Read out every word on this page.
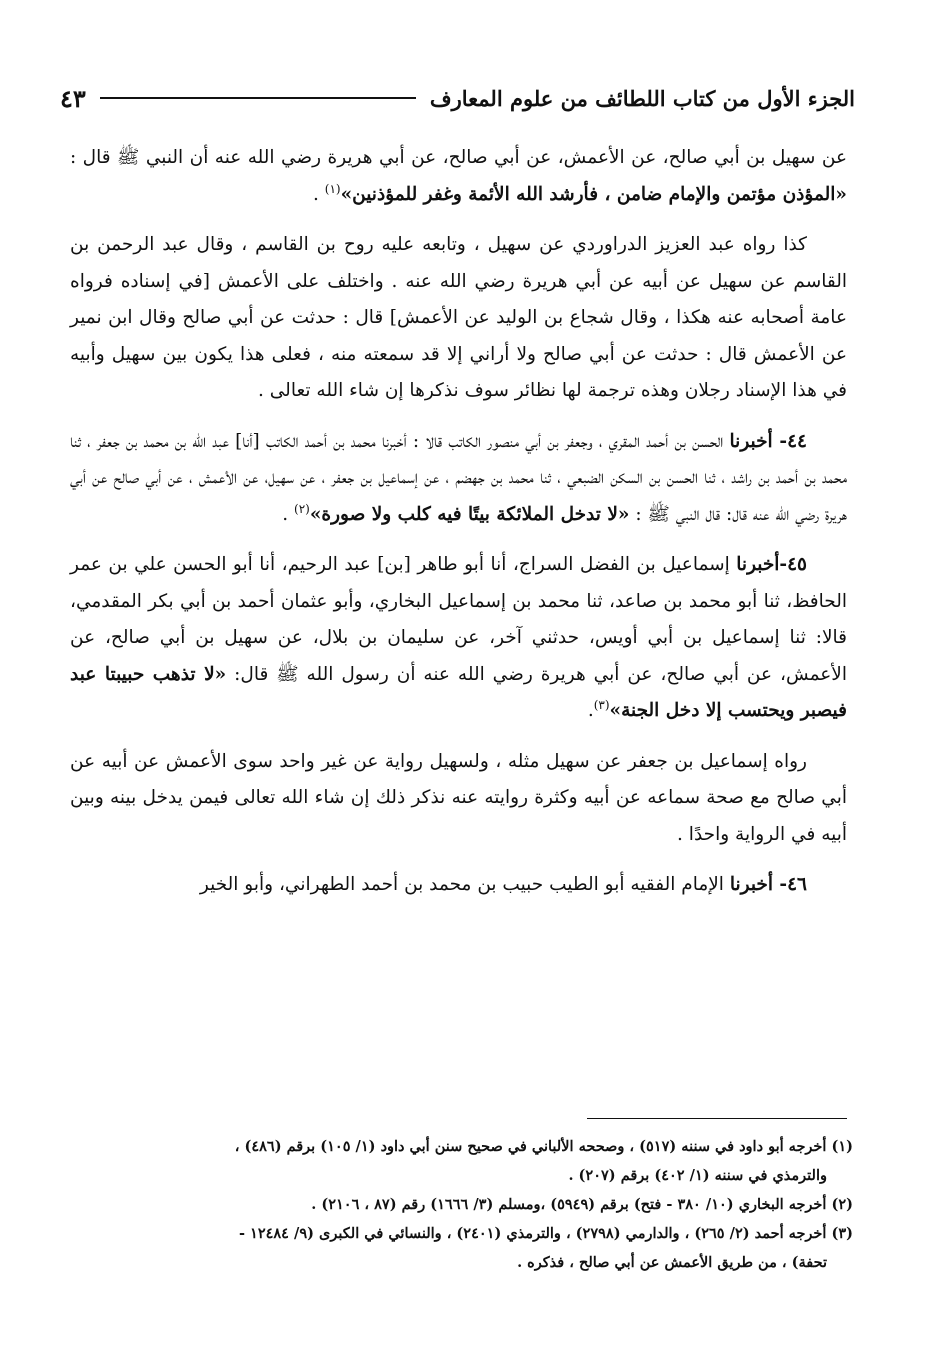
الجزء الأول من كتاب اللطائف من علوم المعارف
٤٣

عن سهيل بن أبي صالح، عن الأعمش، عن أبي صالح، عن أبي هريرة رضي الله عنه أن النبي ﷺ قال : «المؤذن مؤتمن والإمام ضامن ، فأرشد الله الأئمة وغفر للمؤذنين»$^{(١)}$ .

كذا رواه عبد العزيز الدراوردي عن سهيل ، وتابعه عليه روح بن القاسم ، وقال عبد الرحمن بن القاسم عن سهيل عن أبيه عن أبي هريرة رضي الله عنه . واختلف على الأعمش [في إسناده فرواه عامة أصحابه عنه هكذا ، وقال شجاع بن الوليد عن الأعمش] قال : حدثت عن أبي صالح وقال ابن نمير عن الأعمش قال : حدثت عن أبي صالح ولا أراني إلا قد سمعته منه ، فعلى هذا يكون بين سهيل وأبيه في هذا الإسناد رجلان وهذه ترجمة لها نظائر سوف نذكرها إن شاء الله تعالى .

٤٤- أخبرنا الحسن بن أحمد المقري ، وجعفر بن أبي منصور الكاتب قالا : أخبرنا محمد بن أحمد الكاتب [أنا] عبد الله بن محمد بن جعفر ، ثنا محمد بن أحمد بن راشد ، ثنا الحسن بن السكن الضبعي ، ثنا محمد بن جهضم ، عن إسماعيل بن جعفر ، عن سهيل، عن الأعمش ، عن أبي صالح عن أبي هريرة رضي الله عنه قال: قال النبي ﷺ : «لا تدخل الملائكة بيتًا فيه كلب ولا صورة»$^{(٢)}$ .

٤٥-أخبرنا إسماعيل بن الفضل السراج، أنا أبو طاهر [بن] عبد الرحيم، أنا أبو الحسن علي بن عمر الحافظ، ثنا أبو محمد بن صاعد، ثنا محمد بن إسماعيل البخاري، وأبو عثمان أحمد بن أبي بكر المقدمي، قالا: ثنا إسماعيل بن أبي أويس، حدثني آخر، عن سليمان بن بلال، عن سهيل بن أبي صالح، عن الأعمش، عن أبي صالح، عن أبي هريرة رضي الله عنه أن رسول الله ﷺ قال: «لا تذهب حبيبتا عبد فيصبر ويحتسب إلا دخل الجنة»$^{(٣)}$.

رواه إسماعيل بن جعفر عن سهيل مثله ، ولسهيل رواية عن غير واحد سوى الأعمش عن أبيه عن أبي صالح مع صحة سماعه عن أبيه وكثرة روايته عنه نذكر ذلك إن شاء الله تعالى فيمن يدخل بينه وبين أبيه في الرواية واحدًا .

٤٦- أخبرنا الإمام الفقيه أبو الطيب حبيب بن محمد بن أحمد الطهراني، وأبو الخير

(١) أخرجه أبو داود في سننه (٥١٧) ، وصححه الألباني في صحيح سنن أبي داود (١/ ١٠٥) برقم (٤٨٦) ،

والترمذي في سننه (١/ ٤٠٢) برقم (٢٠٧) .

(٢) أخرجه البخاري (١٠/ ٣٨٠ - فتح) برقم (٥٩٤٩) ،ومسلم (٣/ ١٦٦٦) رقم (٨٧ ، ٢١٠٦) .

(٣) أخرجه أحمد (٢/ ٢٦٥) ، والدارمي (٢٧٩٨) ، والترمذي (٢٤٠١) ، والنسائي في الكبرى (٩/ ١٢٤٨٤ -

تحفة) ، من طريق الأعمش عن أبي صالح ، فذكره .
